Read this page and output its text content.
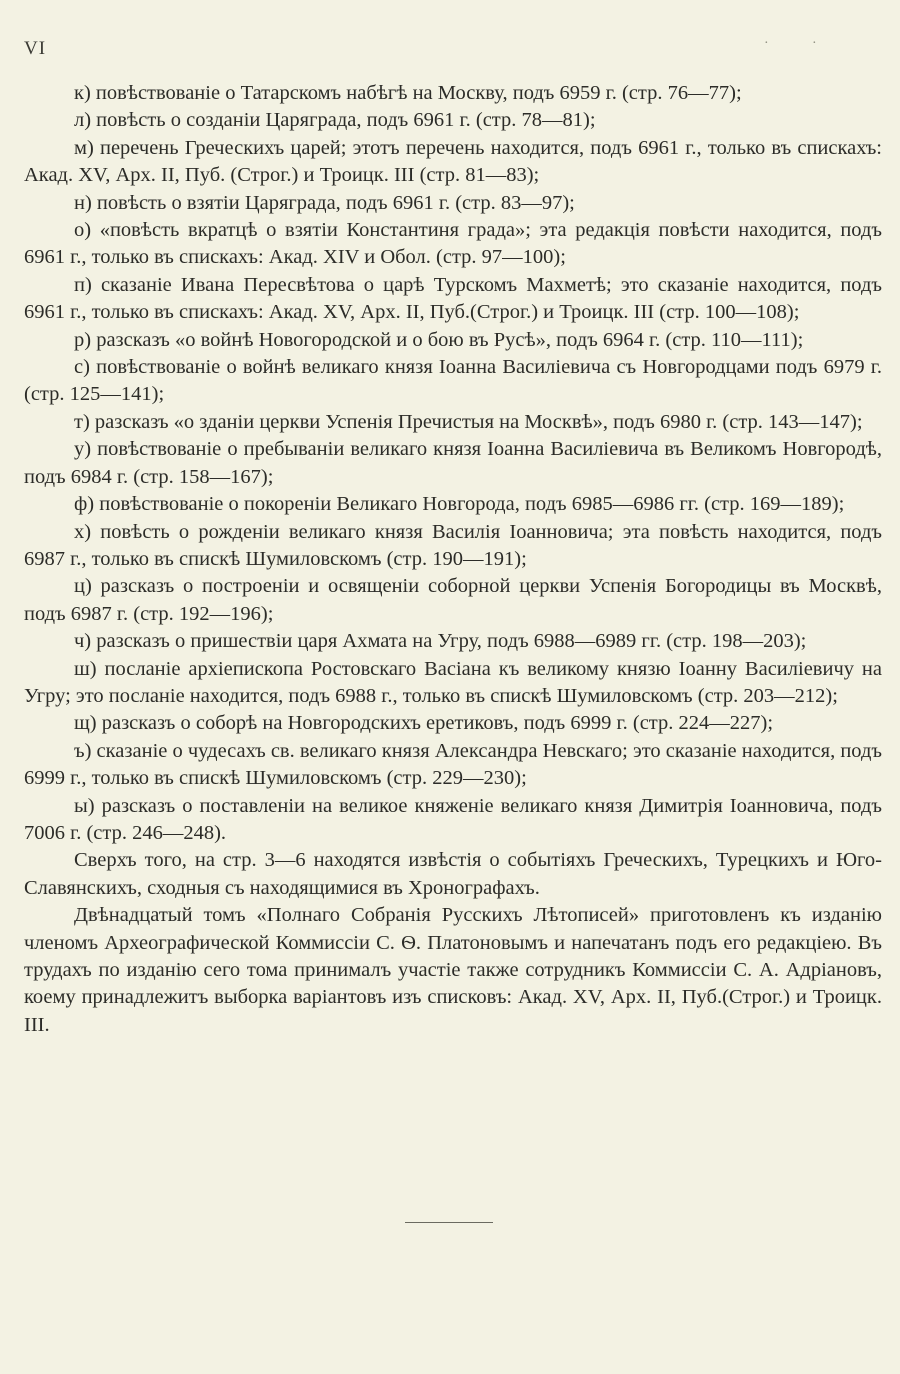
VI	·	·

к) повѣствованіе о Татарскомъ набѣгѣ на Москву, подъ 6959 г. (стр. 76—77);

л) повѣсть о созданіи Царяграда, подъ 6961 г. (стр. 78—81);

м) перечень Греческихъ царей; этотъ перечень находится, подъ 6961 г., только въ спискахъ: Акад. XV, Арх. II, Пуб. (Строг.) и Троицк. III (стр. 81—83);

н) повѣсть о взятіи Царяграда, подъ 6961 г. (стр. 83—97);

о) «повѣсть вкратцѣ о взятіи Константиня града»; эта редакція повѣсти находится, подъ 6961 г., только въ спискахъ: Акад. XIV и Обол. (стр. 97—100);

п) сказаніе Ивана Пересвѣтова о царѣ Турскомъ Махметѣ; это сказаніе находится, подъ 6961 г., только въ спискахъ: Акад. XV, Арх. II, Пуб.(Строг.) и Троицк. III (стр. 100—108);

р) разсказъ «о войнѣ Новогородской и о бою въ Русѣ», подъ 6964 г. (стр. 110—111);

с) повѣствованіе о войнѣ великаго князя Іоанна Василіевича съ Новгородцами подъ 6979 г. (стр. 125—141);

т) разсказъ «о зданіи церкви Успенія Пречистыя на Москвѣ», подъ 6980 г. (стр. 143—147);

у) повѣствованіе о пребываніи великаго князя Іоанна Василіевича въ Великомъ Новгородѣ, подъ 6984 г. (стр. 158—167);

ф) повѣствованіе о покореніи Великаго Новгорода, подъ 6985—6986 гг. (стр. 169—189);

х) повѣсть о рожденіи великаго князя Василія Іоанновича; эта повѣсть находится, подъ 6987 г., только въ спискѣ Шумиловскомъ (стр. 190—191);

ц) разсказъ о построеніи и освященіи соборной церкви Успенія Богородицы въ Москвѣ, подъ 6987 г. (стр. 192—196);

ч) разсказъ о пришествіи царя Ахмата на Угру, подъ 6988—6989 гг. (стр. 198—203);

ш) посланіе архіепископа Ростовскаго Васіана къ великому князю Іоанну Василіевичу на Угру; это посланіе находится, подъ 6988 г., только въ спискѣ Шумиловскомъ (стр. 203—212);

щ) разсказъ о соборѣ на Новгородскихъ еретиковъ, подъ 6999 г. (стр. 224—227);

ъ) сказаніе о чудесахъ св. великаго князя Александра Невскаго; это сказаніе находится, подъ 6999 г., только въ спискѣ Шумиловскомъ (стр. 229—230);

ы) разсказъ о поставленіи на великое княженіе великаго князя Димитрія Іоанновича, подъ 7006 г. (стр. 246—248).

Сверхъ того, на стр. 3—6 находятся извѣстія о событіяхъ Греческихъ, Турецкихъ и Юго-Славянскихъ, сходныя съ находящимися въ Хронографахъ.

Двѣнадцатый томъ «Полнаго Собранія Русскихъ Лѣтописей» приготовленъ къ изданію членомъ Археографической Коммиссіи С. Ѳ. Платоновымъ и напечатанъ подъ его редакціею. Въ трудахъ по изданію сего тома принималъ участіе также сотрудникъ Коммиссіи С. А. Адріановъ, коему принадлежитъ выборка варіантовъ изъ списковъ: Акад. XV, Арх. II, Пуб.(Строг.) и Троицк. III.
